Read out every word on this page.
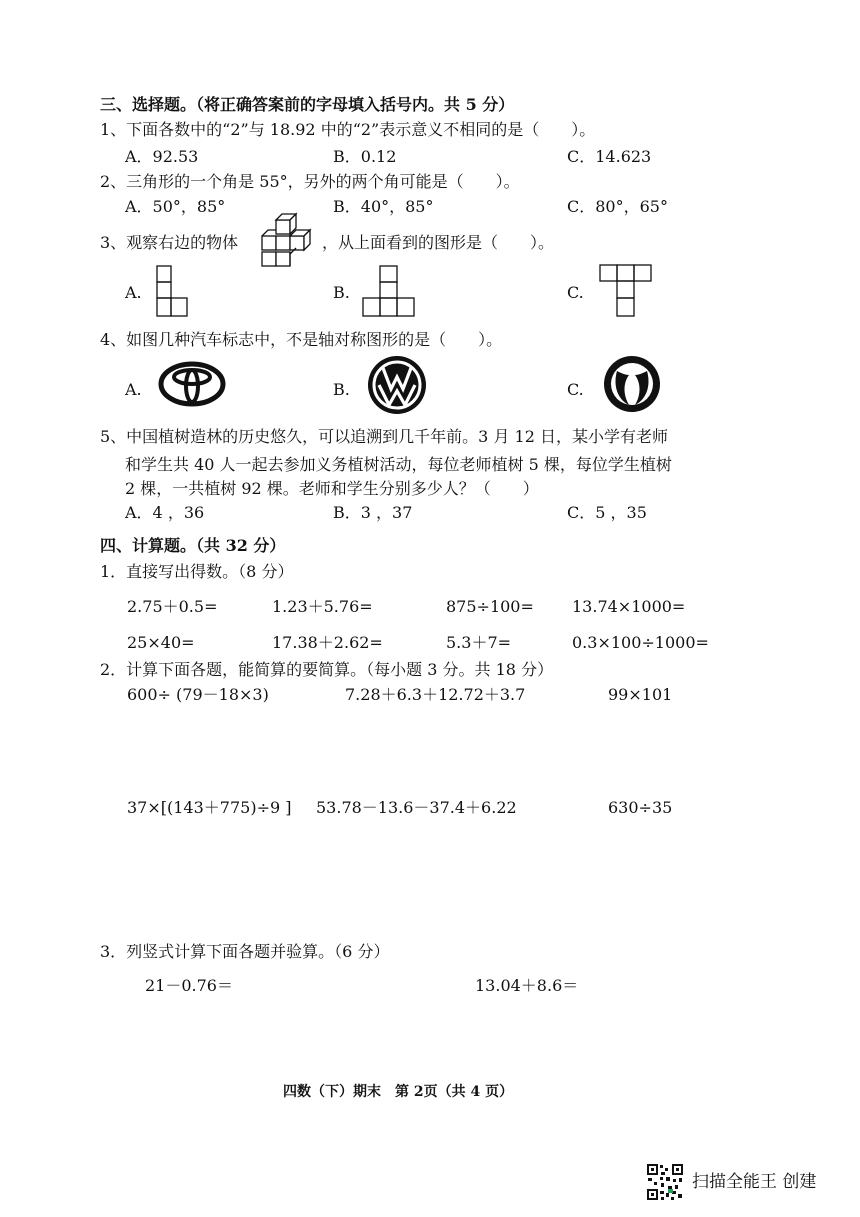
三、选择题。（将正确答案前的字母填入括号内。共 5 分）
1、下面各数中的“2”与 18.92 中的“2”表示意义不相同的是（　　）。
A．92.53	B．0.12	C．14.623
2、三角形的一个角是 55°，另外的两个角可能是（　　）。
A．50°，85°	B．40°，85°	C．80°，65°
3、观察右边的物体	，从上面看到的图形是（　　）。
A.	B.	C.
4、如图几种汽车标志中，不是轴对称图形的是（　　）。
A.	B.	C.
5、中国植树造林的历史悠久，可以追溯到几千年前。3 月 12 日，某小学有老师
和学生共 40 人一起去参加义务植树活动，每位老师植树 5 棵，每位学生植树
2 棵，一共植树 92 棵。老师和学生分别多少人？（　　）
A．4 ，36	B．3 ，37	C．5 ，35
四、计算题。（共 32 分）
1．直接写出得数。（8 分）
2.75＋0.5=	1.23＋5.76=	875÷100= 13.74×1000=
25×40=	17.38＋2.62=	5.3＋7=	0.3×100÷1000=
2．计算下面各题，能简算的要简算。（每小题 3 分。共 18 分）
600÷ (79－18×3)	7.28＋6.3＋12.72＋3.7	99×101
37×[(143＋775)÷9 ] 53.78－13.6－37.4＋6.22	630÷35
3．列竖式计算下面各题并验算。（6 分）
21－0.76＝	13.04＋8.6＝
四数（下）期末　第 2页（共 4 页）
扫描全能王 创建
